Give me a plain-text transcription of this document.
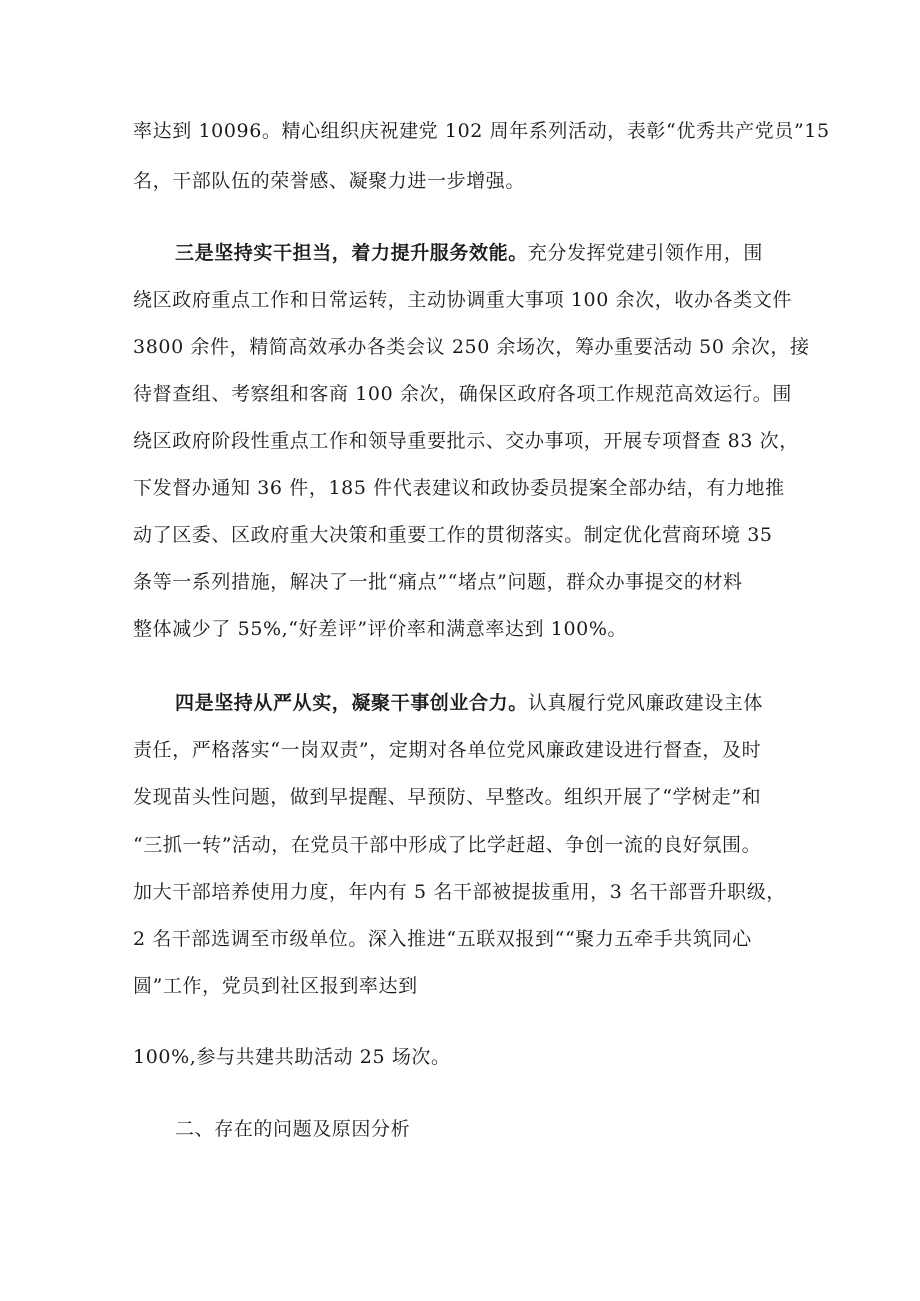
率达到 10096。精心组织庆祝建党 102 周年系列活动，表彰“优秀共产党员”15
名，干部队伍的荣誉感、凝聚力进一步增强。
三是坚持实干担当，着力提升服务效能。充分发挥党建引领作用，围
绕区政府重点工作和日常运转，主动协调重大事项 100 余次，收办各类文件
3800 余件，精简高效承办各类会议 250 余场次，筹办重要活动 50 余次，接
待督查组、考察组和客商 100 余次，确保区政府各项工作规范高效运行。围
绕区政府阶段性重点工作和领导重要批示、交办事项，开展专项督查 83 次，
下发督办通知 36 件，185 件代表建议和政协委员提案全部办结，有力地推
动了区委、区政府重大决策和重要工作的贯彻落实。制定优化营商环境 35
条等一系列措施，解决了一批“痛点”“堵点”问题，群众办事提交的材料
整体减少了 55%,“好差评”评价率和满意率达到 100%。
四是坚持从严从实，凝聚干事创业合力。认真履行党风廉政建设主体
责任，严格落实“一岗双责”，定期对各单位党风廉政建设进行督查，及时
发现苗头性问题，做到早提醒、早预防、早整改。组织开展了“学树走”和
“三抓一转”活动，在党员干部中形成了比学赶超、争创一流的良好氛围。
加大干部培养使用力度，年内有 5 名干部被提拔重用，3 名干部晋升职级，
2 名干部选调至市级单位。深入推进“五联双报到““聚力五牵手共筑同心
圆”工作，党员到社区报到率达到
100%,参与共建共助活动 25 场次。
二、存在的问题及原因分析
